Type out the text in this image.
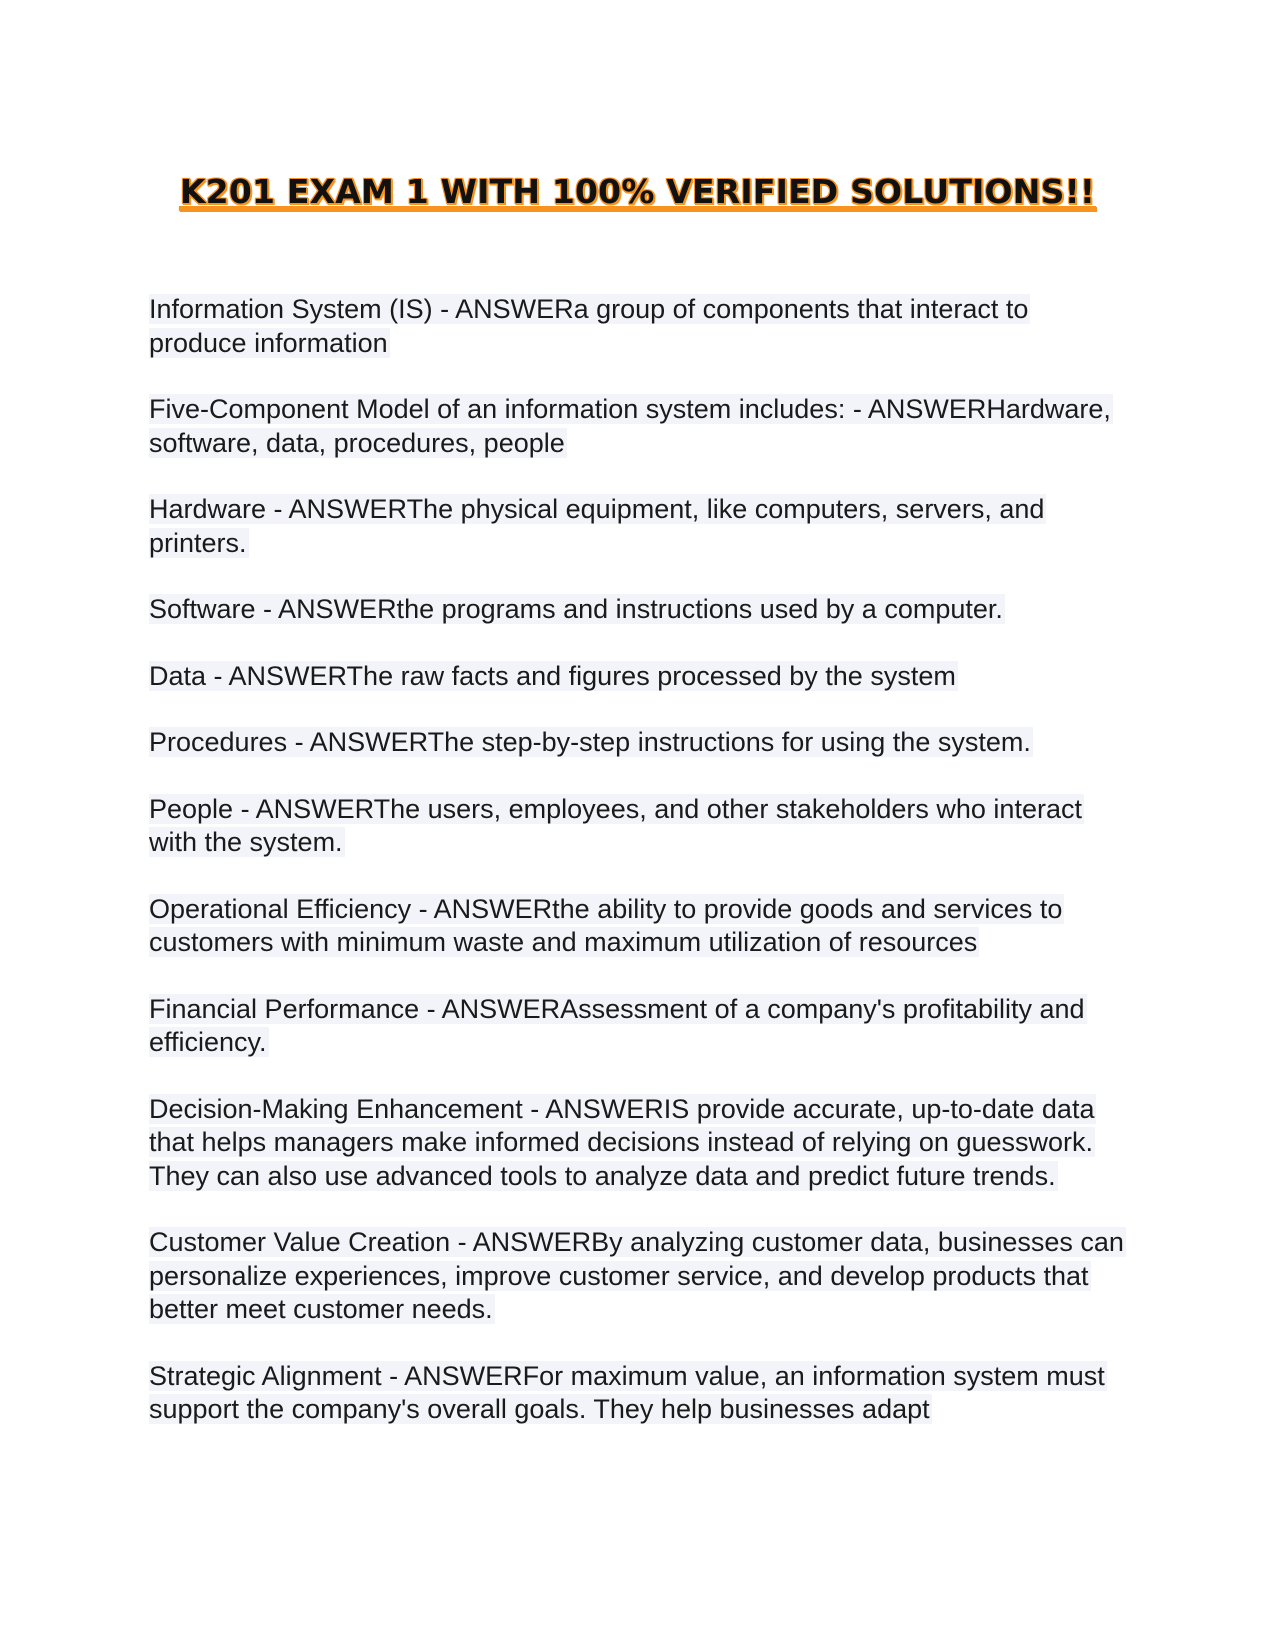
K201 EXAM 1 WITH 100% VERIFIED SOLUTIONS!!
Information System (IS) - ANSWERa group of components that interact to produce information
Five-Component Model of an information system includes: - ANSWERHardware, software, data, procedures, people
Hardware - ANSWERThe physical equipment, like computers, servers, and printers.
Software - ANSWERthe programs and instructions used by a computer.
Data - ANSWERThe raw facts and figures processed by the system
Procedures - ANSWERThe step-by-step instructions for using the system.
People - ANSWERThe users, employees, and other stakeholders who interact with the system.
Operational Efficiency - ANSWERthe ability to provide goods and services to customers with minimum waste and maximum utilization of resources
Financial Performance - ANSWERAssessment of a company's profitability and efficiency.
Decision-Making Enhancement - ANSWERIS provide accurate, up-to-date data that helps managers make informed decisions instead of relying on guesswork. They can also use advanced tools to analyze data and predict future trends.
Customer Value Creation - ANSWERBy analyzing customer data, businesses can personalize experiences, improve customer service, and develop products that better meet customer needs.
Strategic Alignment - ANSWERFor maximum value, an information system must support the company's overall goals. They help businesses adapt
